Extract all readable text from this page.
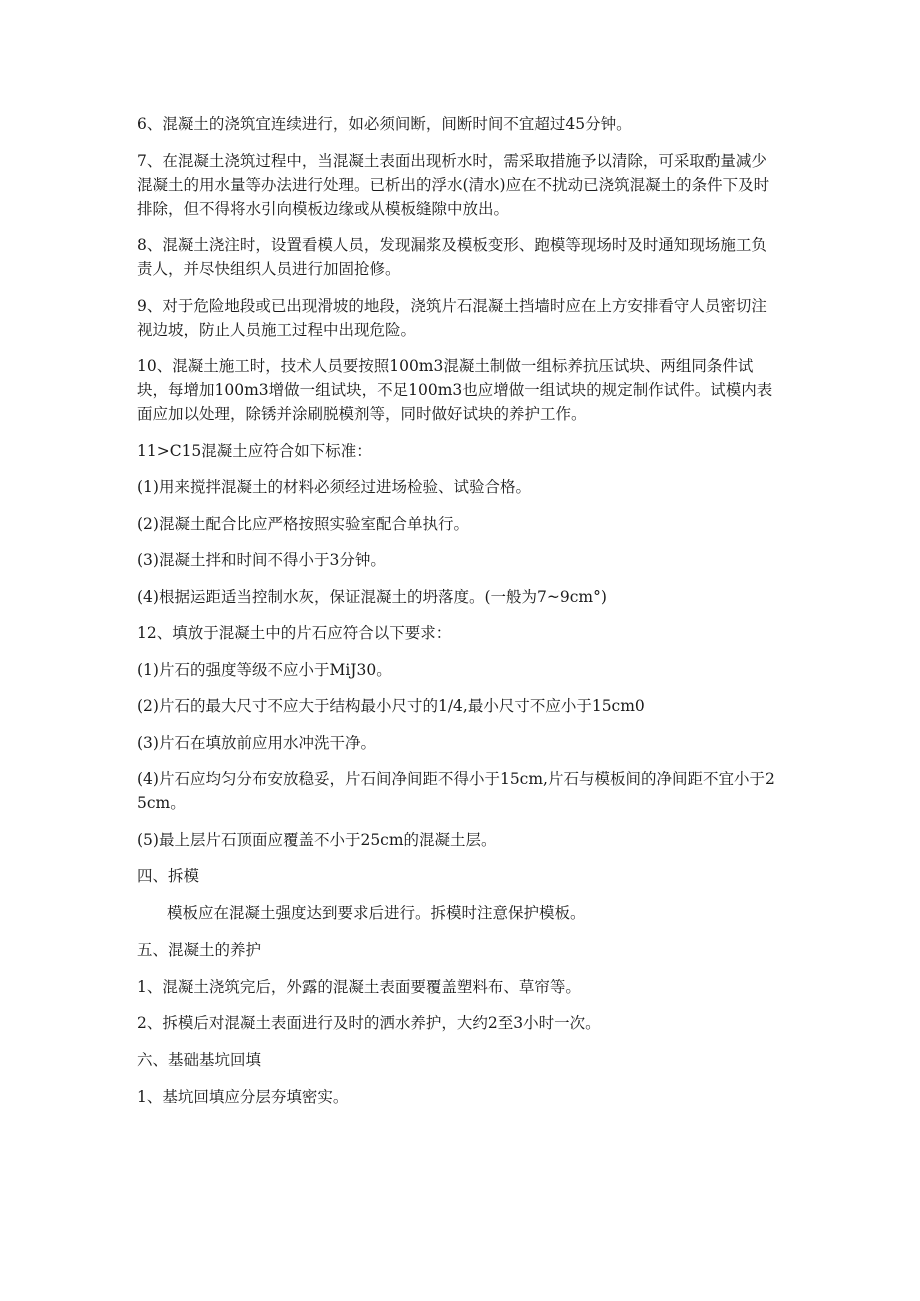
6、混凝土的浇筑宜连续进行，如必须间断，间断时间不宜超过45分钟。

7、在混凝土浇筑过程中，当混凝土表面出现析水时，需采取措施予以清除，可采取酌量减少混凝土的用水量等办法进行处理。已析出的浮水(清水)应在不扰动已浇筑混凝土的条件下及时排除，但不得将水引向模板边缘或从模板缝隙中放出。

8、混凝土浇注时，设置看模人员，发现漏浆及模板变形、跑模等现场时及时通知现场施工负责人，并尽快组织人员进行加固抢修。

9、对于危险地段或已出现滑坡的地段，浇筑片石混凝土挡墙时应在上方安排看守人员密切注视边坡，防止人员施工过程中出现危险。

10、混凝土施工时，技术人员要按照100m3混凝土制做一组标养抗压试块、两组同条件试块，每增加100m3增做一组试块，不足100m3也应增做一组试块的规定制作试件。试模内表面应加以处理，除锈并涂刷脱模剂等，同时做好试块的养护工作。

11>C15混凝土应符合如下标准：

(1)用来搅拌混凝土的材料必须经过进场检验、试验合格。

(2)混凝土配合比应严格按照实验室配合单执行。

(3)混凝土拌和时间不得小于3分钟。

(4)根据运距适当控制水灰，保证混凝土的坍落度。(一般为7~9cm°)

12、填放于混凝土中的片石应符合以下要求：

(1)片石的强度等级不应小于MiJ30。

(2)片石的最大尺寸不应大于结构最小尺寸的1/4,最小尺寸不应小于15cm0

(3)片石在填放前应用水冲洗干净。

(4)片石应均匀分布安放稳妥，片石间净间距不得小于15cm,片石与模板间的净间距不宜小于25cm。

(5)最上层片石顶面应覆盖不小于25cm的混凝土层。

四、拆模

模板应在混凝土强度达到要求后进行。拆模时注意保护模板。

五、混凝土的养护

1、混凝土浇筑完后，外露的混凝土表面要覆盖塑料布、草帘等。

2、拆模后对混凝土表面进行及时的洒水养护，大约2至3小时一次。

六、基础基坑回填

1、基坑回填应分层夯填密实。
